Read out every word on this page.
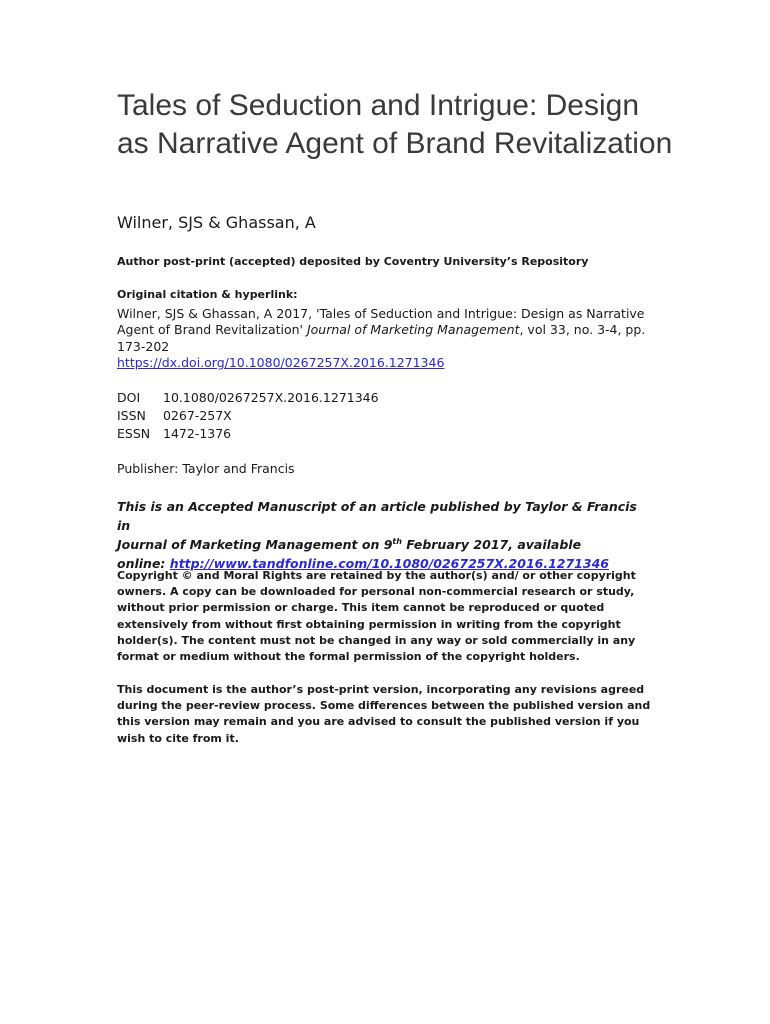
Tales of Seduction and Intrigue: Design as Narrative Agent of Brand Revitalization
Wilner, SJS & Ghassan, A
Author post-print (accepted) deposited by Coventry University’s Repository
Original citation & hyperlink:
Wilner, SJS & Ghassan, A 2017, 'Tales of Seduction and Intrigue: Design as Narrative Agent of Brand Revitalization' Journal of Marketing Management, vol 33, no. 3-4, pp. 173-202
https://dx.doi.org/10.1080/0267257X.2016.1271346
DOI	10.1080/0267257X.2016.1271346
ISSN	0267-257X
ESSN	1472-1376
Publisher: Taylor and Francis
This is an Accepted Manuscript of an article published by Taylor & Francis in
Journal of Marketing Management on 9th February 2017, available
online: http://www.tandfonline.com/10.1080/0267257X.2016.1271346
Copyright © and Moral Rights are retained by the author(s) and/ or other copyright owners. A copy can be downloaded for personal non-commercial research or study, without prior permission or charge. This item cannot be reproduced or quoted extensively from without first obtaining permission in writing from the copyright holder(s). The content must not be changed in any way or sold commercially in any format or medium without the formal permission of the copyright holders.
This document is the author’s post-print version, incorporating any revisions agreed during the peer-review process. Some differences between the published version and this version may remain and you are advised to consult the published version if you wish to cite from it.
